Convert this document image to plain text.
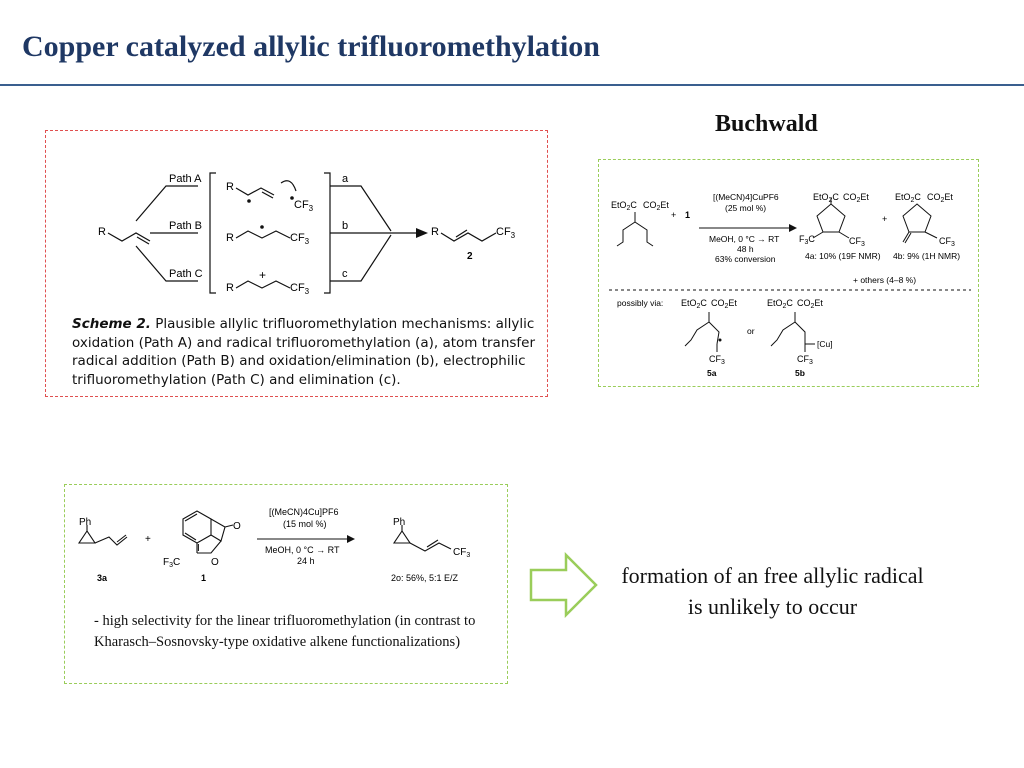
Copper catalyzed allylic trifluoromethylation
Buchwald
R
R
R
R
$CF_3$
$CF_3$
$CF_3$
+
R	$CF_3$
Path A
Path B
Path C
a
b
c
2
Scheme 2. Plausible allylic trifluoromethylation mechanisms: allylic oxidation (Path A) and radical trifluoromethylation (a), atom transfer radical addition (Path B) and oxidation/elimination (b), electrophilic trifluoromethylation (Path C) and elimination (c).
EtO$_2$C $CO_2Et$
+ 1
[(MeCN)4]CuPF6
(25 mol %)
MeOH, 0 °C → RT
48 h
63% conversion
EtO$_2$C $CO_2Et$
$F_3C$	$CF_3$
+
EtO$_2$C $CO_2Et$
$CF_3$
4a: 10% (19F NMR) 4b: 9% (1H NMR)
+ others (4–8 %)
possibly via: EtO$_2$C $CO_2Et$
$CF_3$
or
EtO$_2$C $CO_2Et$
[Cu]
$CF_3$
5a	5b
Ph
+
O
I
O
$F_3C$
[(MeCN)4Cu]PF6
(15 mol %)
MeOH, 0 °C → RT
24 h
Ph
$CF_3$
3a	1	2o: 56%, 5:1 E/Z
- high selectivity for the linear trifluoromethylation (in contrast to Kharasch–Sosnovsky-type oxidative alkene functionalizations)
formation of an free allylic radical is unlikely to occur
